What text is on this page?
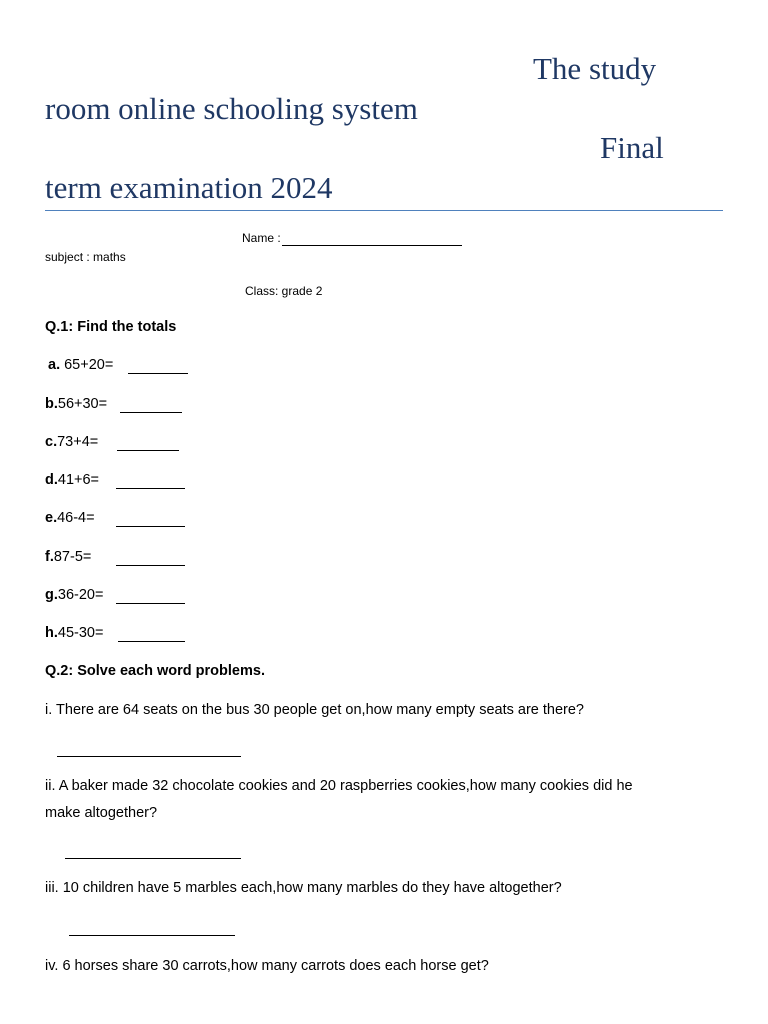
The study
room online schooling system
Final
term examination 2024
Name :
subject : maths
Class: grade 2
Q.1: Find the totals
a. 65+20=
b.56+30=
c.73+4=
d.41+6=
e.46-4=
f.87-5=
g.36-20=
h.45-30=
Q.2: Solve each word problems.
i. There are 64 seats on the bus 30 people get on,how many empty seats are there?
ii. A baker made 32 chocolate cookies and 20 raspberries cookies,how many cookies did he
make altogether?
iii. 10 children have 5 marbles each,how many marbles do they have altogether?
iv. 6 horses share 30 carrots,how many carrots does each horse get?
